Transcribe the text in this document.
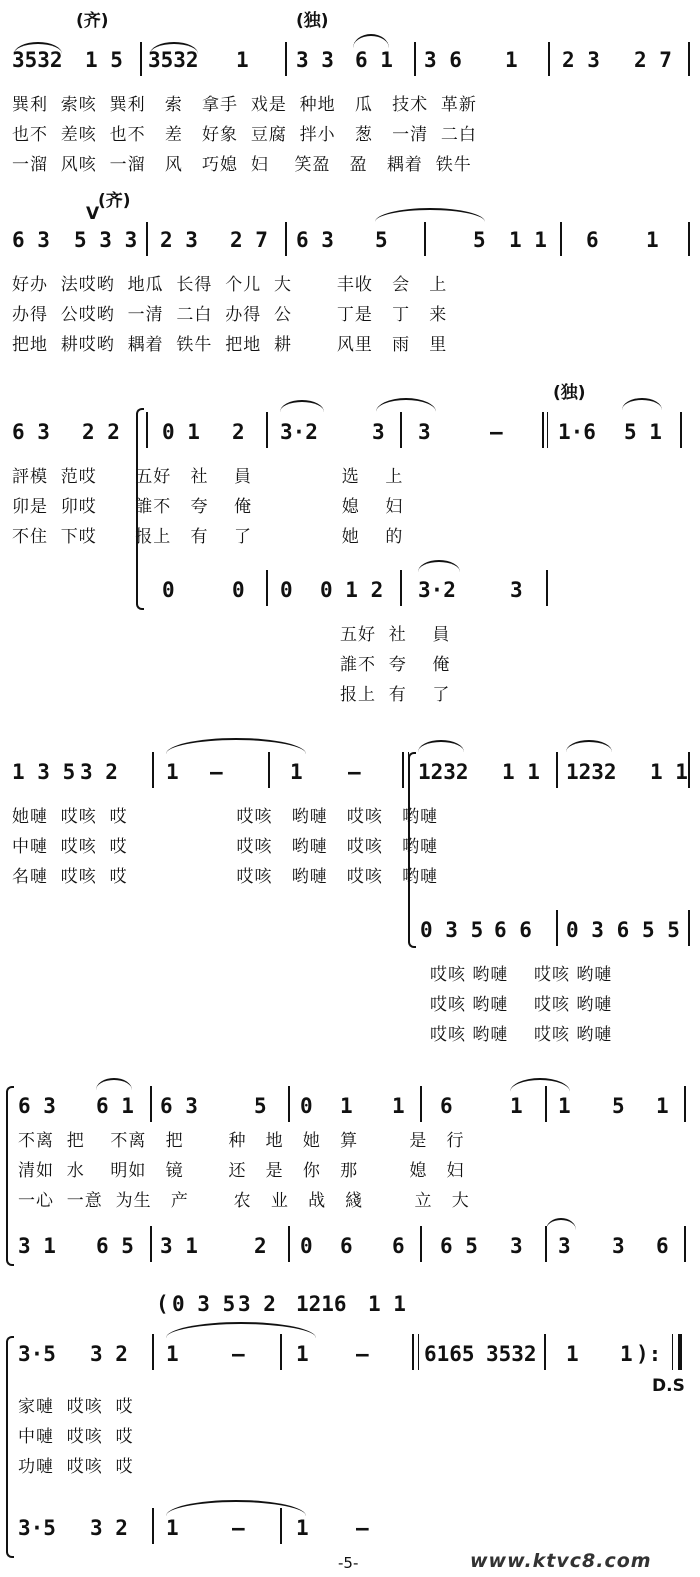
(齐)	(独)
3532 1 5 3532 1 3 3 6 1 3 6 1 2 3 2 7
巽利  索咳  巽利   索   拿手  戏是  种地   瓜   技术  革新
也不  差咳  也不   差   好象  豆腐  拌小   葱   一清  二白
一溜  风咳  一溜   风   巧媳  妇    笑盈   盈   耦着  铁牛
(齐)
V
6 3 5 3 3 2 3 2 7 6 3 5	5 1 1 6 1
好办  法哎哟  地瓜  长得  个儿  大       丰收   会   上
办得  公哎哟  一清  二白  办得  公       丁是   丁   来
把地  耕哎哟  耦着  铁牛  把地  耕       风里   雨   里
(独)
6 3 2 2 0 1 2 3·2	3 3	—	1·6 5 1
評模  范哎      五好   社    員              选    上
卯是  卯哎      誰不   夸    俺              媳    妇
不住  下哎      报上   有    了              她    的
0	0 0 0 1 2 3·2	3
五好  社    員
誰不  夸    俺
报上  有    了
1 3 5 3 2 1 —	1 —	1232 1 1 1232 1 1
她嗹  哎咳  哎                 哎咳   哟嗹   哎咳   哟嗹
中嗹  哎咳  哎                 哎咳   哟嗹   哎咳   哟嗹
名嗹  哎咳  哎                 哎咳   哟嗹   哎咳   哟嗹
0 3 5 6 6 0 3 6 5 5
哎咳 哟嗹    哎咳 哟嗹
哎咳 哟嗹    哎咳 哟嗹
哎咳 哟嗹    哎咳 哟嗹
6 3 6 1 6 3	5 0 1 1 6	1 1 5 1
不离  把    不离   把       种   地   她   算        是   行
清如  水    明如   镜       还   是   你   那        媳   妇
一心  一意  为生   产       农   业   战   綫        立   大
3 1 6 5 3 1	2 0 6 6 6 5 3 3 3 6
( 0 3 5 3 2 1216 1 1
3·5 3 2 1	— 1 —	6165 3532 1 1 ):
D.S
家嗹  哎咳  哎
中嗹  哎咳  哎
功嗹  哎咳  哎
3·5 3 2 1	— 1 —
-5-	www.ktvc8.com
